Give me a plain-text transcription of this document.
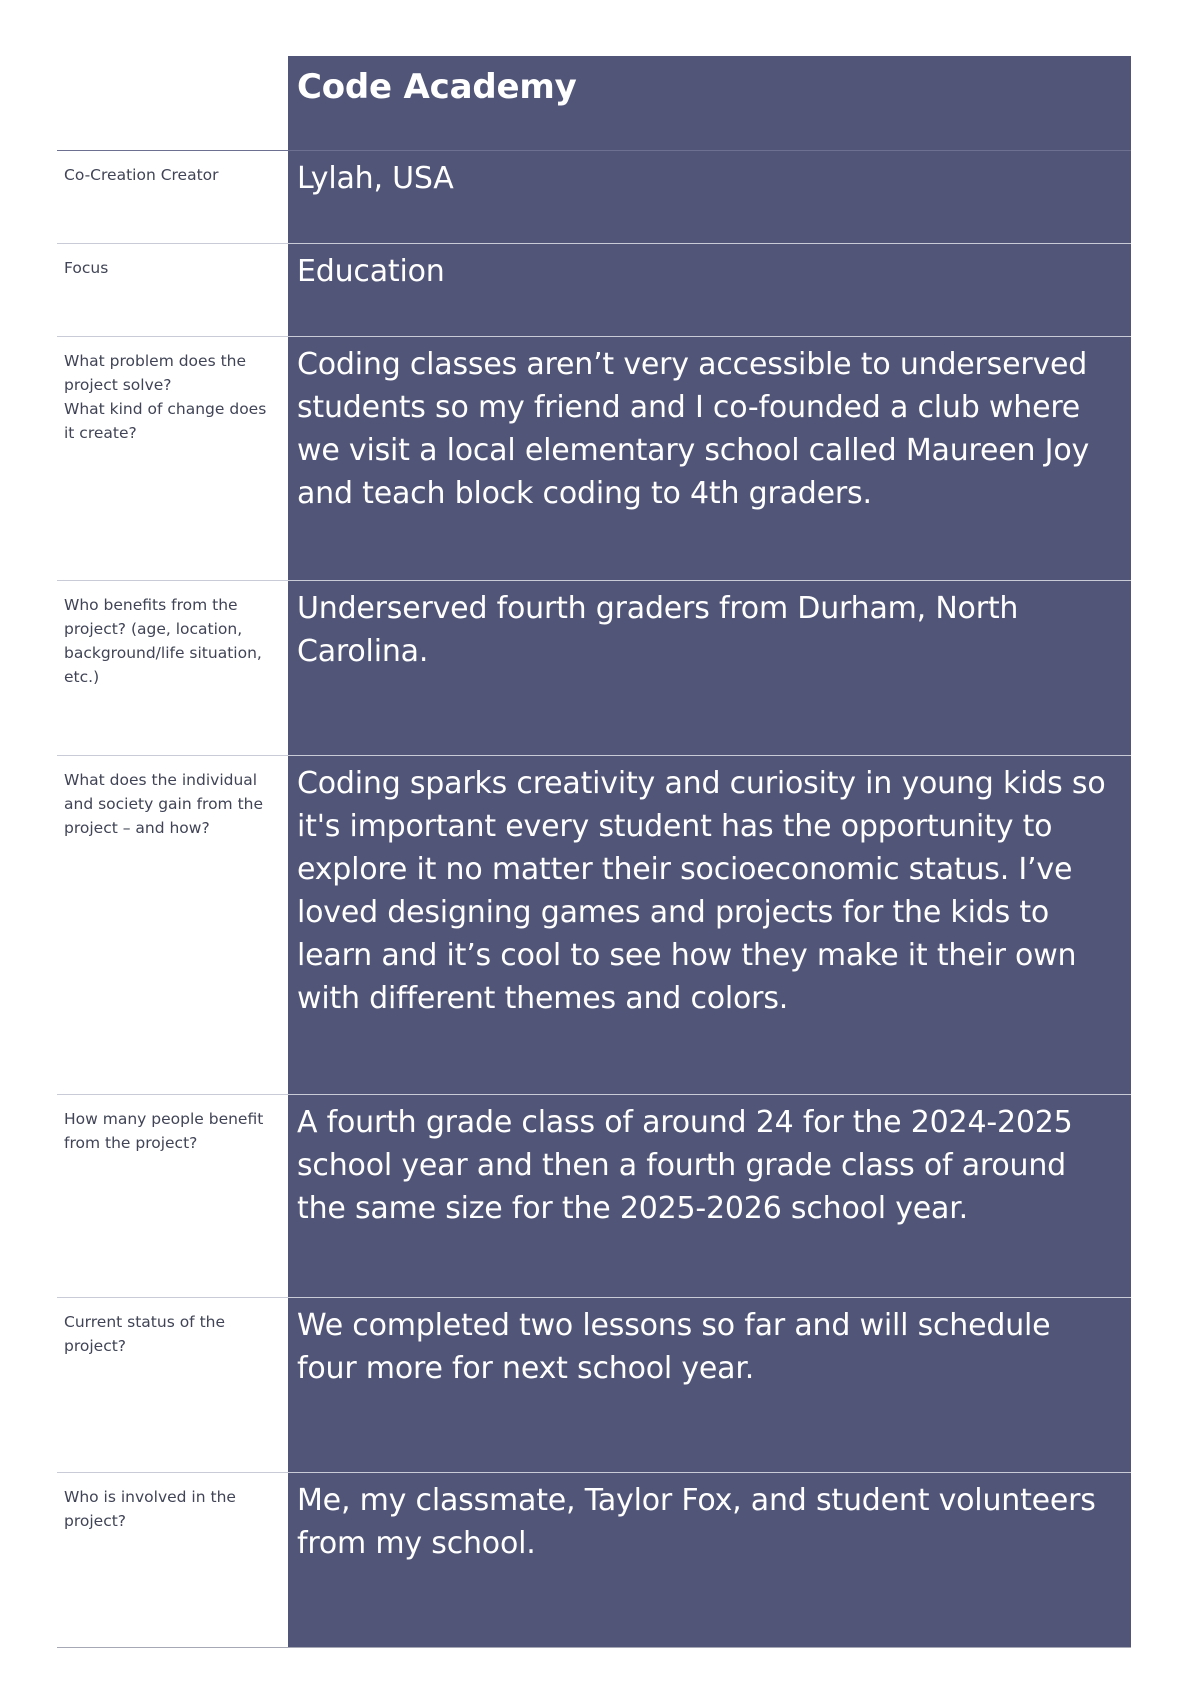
Code Academy
Co-Creation Creator	Lylah, USA
Focus	Education
What problem does the project solve?
What kind of change does it create?
Coding classes aren’t very accessible to underserved students so my friend and I co-founded a club where we visit a local elementary school called Maureen Joy and teach block coding to 4th graders.
Who benefits from the project? (age, location, background/life situation, etc.)
Underserved fourth graders from Durham, North Carolina.
What does the individual and society gain from the project – and how?
Coding sparks creativity and curiosity in young kids so it's important every student has the opportunity to explore it no matter their socioeconomic status. I’ve loved designing games and projects for the kids to learn and it’s cool to see how they make it their own with different themes and colors.
How many people benefit from the project?
A fourth grade class of around 24 for the 2024-2025 school year and then a fourth grade class of around the same size for the 2025-2026 school year.
Current status of the project?
We completed two lessons so far and will schedule four more for next school year.
Who is involved in the project?
Me, my classmate, Taylor Fox, and student volunteers from my school.
